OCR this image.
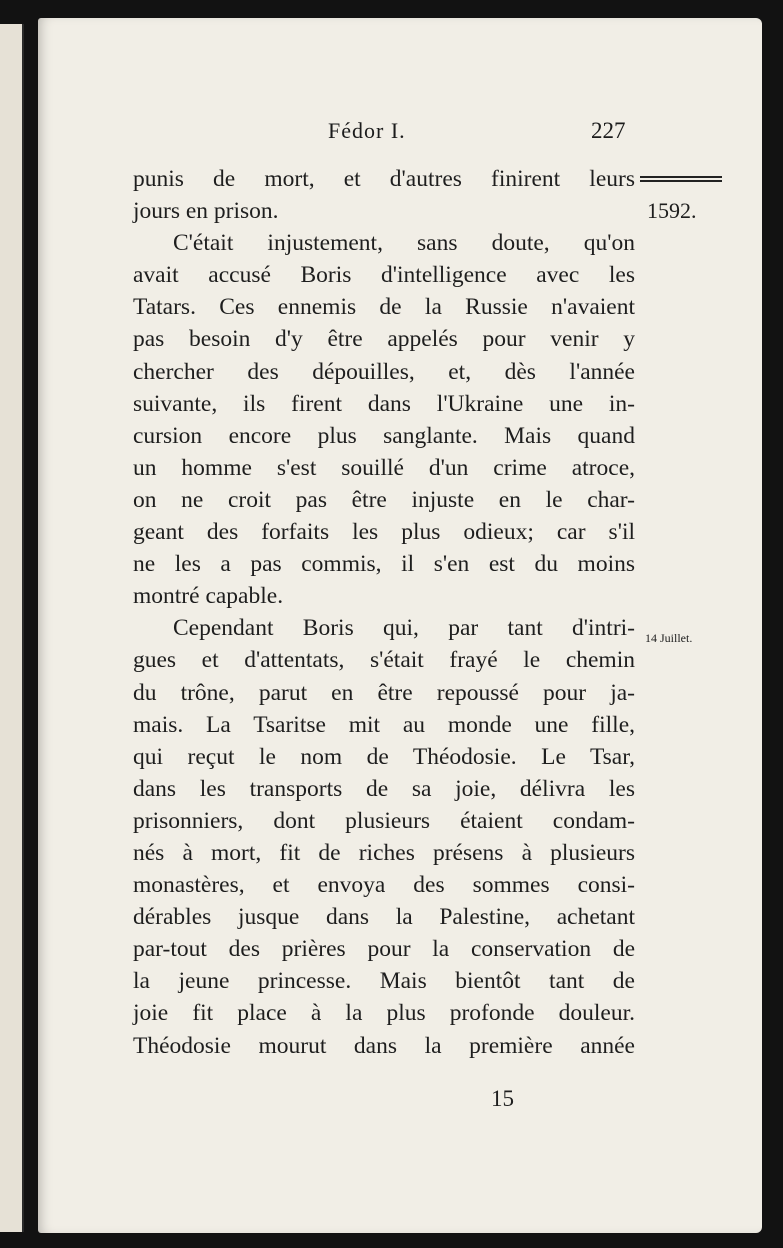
Fédor I.	227
1592.
14 Juillet.

punis de mort, et d'autres finirent leurs
jours en prison.
C'était injustement, sans doute, qu'on
avait accusé Boris d'intelligence avec les
Tatars. Ces ennemis de la Russie n'avaient
pas besoin d'y être appelés pour venir y
chercher des dépouilles, et, dès l'année
suivante, ils firent dans l'Ukraine une in-
cursion encore plus sanglante. Mais quand
un homme s'est souillé d'un crime atroce,
on ne croit pas être injuste en le char-
geant des forfaits les plus odieux; car s'il
ne les a pas commis, il s'en est du moins
montré capable.
Cependant Boris qui, par tant d'intri-
gues et d'attentats, s'était frayé le chemin
du trône, parut en être repoussé pour ja-
mais. La Tsaritse mit au monde une fille,
qui reçut le nom de Théodosie. Le Tsar,
dans les transports de sa joie, délivra les
prisonniers, dont plusieurs étaient condam-
nés à mort, fit de riches présens à plusieurs
monastères, et envoya des sommes consi-
dérables jusque dans la Palestine, achetant
par-tout des prières pour la conservation de
la jeune princesse. Mais bientôt tant de
joie fit place à la plus profonde douleur.
Théodosie mourut dans la première année

15
